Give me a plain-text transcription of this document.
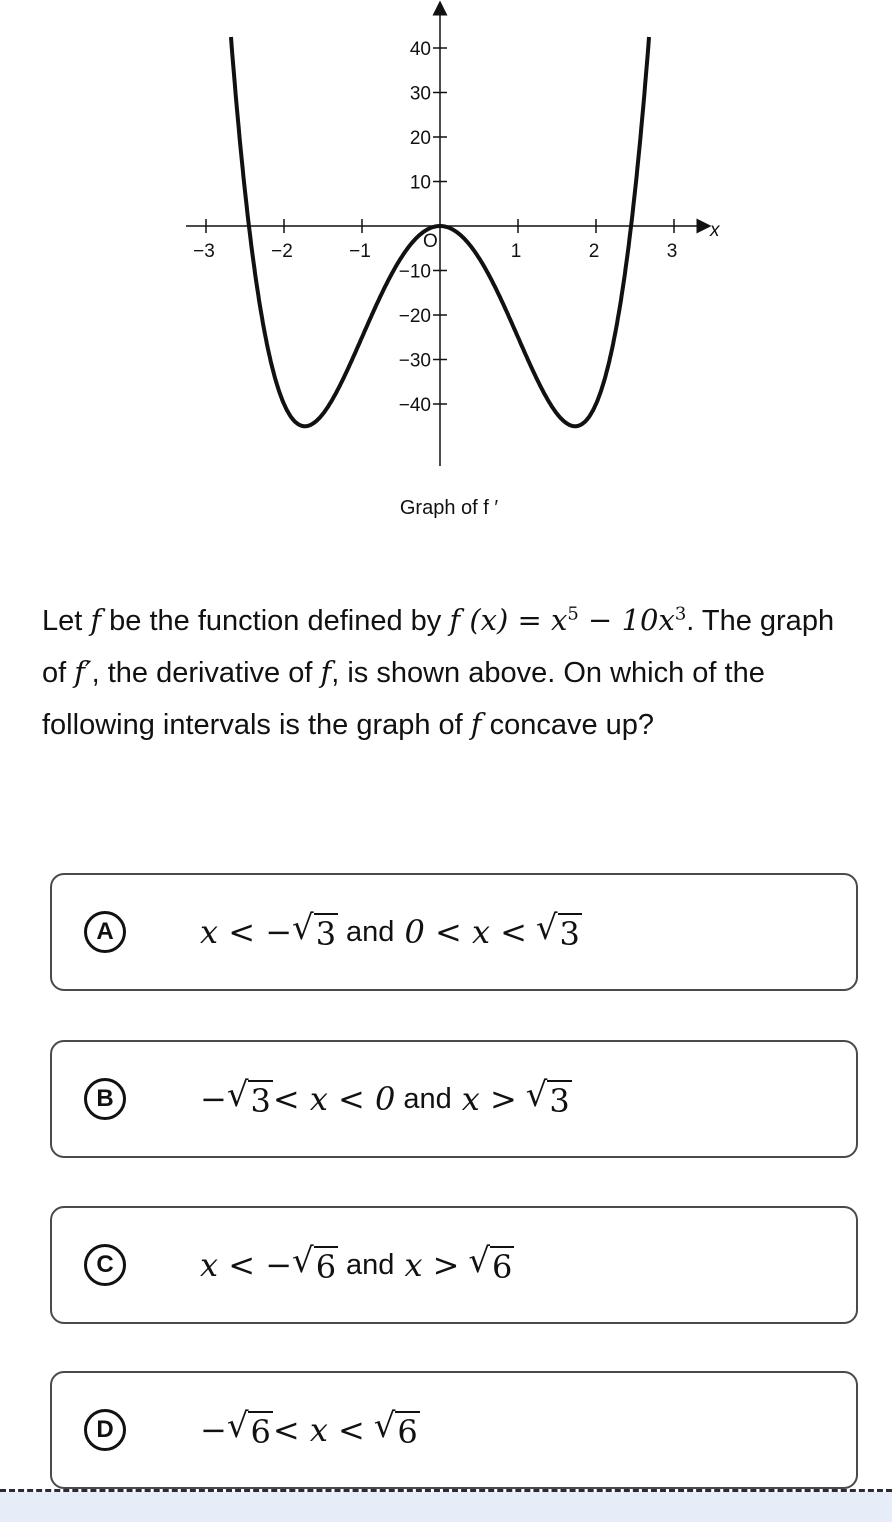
−3	−2	−1	1	2	3
40
30
20
10
−10
−20
−30
−40
O
x
Graph of f ′
Let f be the function defined by f $(x) = x^5 - 10x^3$. The graph of f′, the derivative of f, is shown above. On which of the following intervals is the graph of f concave up?
A	x < − √ 3 and 0 < x <
√ 3
B	− √ 3 < x < 0 and x >
√ 3
C	x < − √ 6 and x >
√ 6
D	− √ 6 < x <
√ 6
